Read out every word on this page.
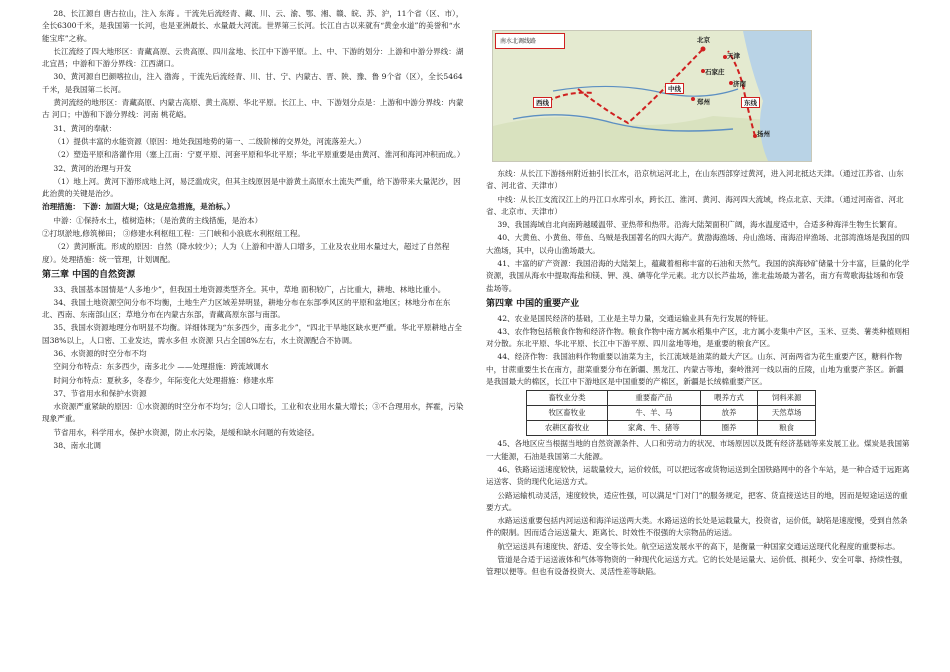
28、长江源自 唐古拉山，注入 东海 。干流先后流经青、藏、川、云、渝、鄂、湘、赣、皖、苏、沪，11个省（区、市），全长6300千米，是我国第一长河，也是亚洲最长、水量最大河流。世界第三长河。长江自古以来就有“黄金水道”的美誉和“水能宝库”之称。

长江流经了四大地形区：青藏高原、云贵高原、四川盆地、长江中下游平原。上、中、下游的划分：上游和中游分界线：湖北宜昌；中游和下游分界线：江西湖口。

30、黄河源自巴颜喀拉山，注入 渤海 ，干流先后流经青、川、甘、宁、内蒙古、晋、陕、豫、鲁 9个省（区），全长5464千米，是我国第二长河。

黄河流经的地形区：青藏高原、内蒙古高原、黄土高原、华北平原。长江上、中、下游划分点是：上游和中游分界线：内蒙古 河口；中游和下游分界线：河南 桃花峪。

31、黄河的奉献：

（1）提供丰富的水能资源（原因：地处我国地势的第一、二级阶梯的交界处，河流落差大。）

（2）塑造平原和洛灌作用（塞上江南：宁夏平原、河套平原和华北平原；华北平原重要是由黄河、淮河和海河冲积而成。）

32、黄河的治理与开发

（1）地上河。黄河下游形成地上河，易泛滥成灾，但其主线原因是中游黄土高原水土流失严重，给下游带来大量泥沙，因此治黄的关键是治沙。

治理措施： 下游：加固大堤；（这是应急措施，是治标。）

中游：①保持水土，植树造林；（是治黄的主线措施，是治本）

②打坝淤地,修筑梯田； ③修建水利枢纽工程：三门峡和小浪底水利枢纽工程。

（2）黄河断流。形成的原因：自然（降水较少）；人为（上游和中游人口增多，工业及农业用水量过大，超过了自然程度）。处理措施：统一管理，计划调配。

第三章 中国的自然资源

33、我国基本国情是“人多地少”，但我国土地资源类型齐全。其中，草地 面积较广，占比重大，耕地、林地比重小。

34、我国土地资源空间分布不均衡，土地生产力区域差异明显，耕地分布在东部季风区的平原和盆地区；林地分布在东北、西南、东南部山区；草地分布在内蒙古东部，青藏高原东部与南部。

35、我国水资源地理分布明显不均衡。详细体现为“东多西少，南多北少”，“四北干旱地区缺水更严重。华北平原耕地占全国38%以上，人口密、工业发达，需水多但 水资源 只占全国8%左右，水土资源配合不协调。

36、水资源的时空分布不均

空间分布特点：东多西少，南多北少 ——处理措施：跨流域调水

时间分布特点：夏秋多，冬春少，年际变化大处理措施：修建水库

37、节省用水和保护水资源

水资源严重紧缺的原因：①水资源的时空分布不均匀；②人口增长，工业和农业用水量大增长；③不合理用水，挥霍，污染现象严重。

节省用水，科学用水，保护水资源，防止水污染，是缓和缺水问题的有效途径。

38、南水北调

北京
天津
石家庄
济南
中线
东线
郑州
西线
扬州
南水北调线路

东线：从长江下游扬州附近抽引长江水，沿京杭运河北上，在山东西部穿过黄河，进入河北抵达天津。（通过江苏省、山东省、河北省、天津市）

中线：从长江支流汉江上的丹江口水库引水，跨长江、淮河、黄河、海河四大流域，终点北京、天津。（通过河南省、河北省、北京市、天津市）

39、我国海域自北向南跨越暖温带、亚热带和热带。沿海大陆架面积广阔，海水温度适中，合适多种海洋生物生长繁育。

40、大黄鱼、小黄鱼、带鱼、乌贼是我国著名的四大海产。黄渤海渔场、舟山渔场、南海沿岸渔场、北部湾渔场是我国的四大渔场，其中，以舟山渔场最大。

41、丰富的矿产资源：我国沿海的大陆架上，蕴藏着相称丰富的石油和天然气。我国的滨海砂矿储量十分丰富，巨量的化学资源，我国从海水中提取海盐和镁、钾、溴、碘等化学元素。北方以长芦盐场，淮北盐场最为著名，南方有莺歌海盐场和布袋盐场等。

第四章 中国的重要产业

42、农业是国民经济的基础，工业是主导力量，交通运输业具有先行发展的特征。

43、农作物包括粮食作物和经济作物。粮食作物中南方属水稻集中产区，北方属小麦集中产区，玉米、豆类、薯类种植则相对分散。东北平原、华北平原、长江中下游平原、四川盆地等地，是重要的粮食产区。

44、经济作物：我国油料作物重要以油菜为主，长江流域是油菜的最大产区。山东、河南两省为花生重要产区，糖料作物中，甘蔗重要生长在南方，甜菜重要分布在新疆、黑龙江、内蒙古等地，秦岭淮河一线以南的丘陵，山地为重要产茶区。新疆是我国最大的棉区，长江中下游地区是中国重要的产棉区，新疆是长绒棉重要产区。

畜牧业分类	重要畜产品	喂养方式	饲料来源
牧区畜牧业	牛、羊、马	放养	天然草场
农耕区畜牧业	家禽、牛、猪等	圈养	粮食

45、各地区应当根据当地的自然资源条件、人口和劳动力的状况、市场原因以及既有经济基础等来发展工业。煤炭是我国第一大能源，石油是我国第二大能源。

46、铁路运送速度较快，运载量较大，运价较低，可以把远客或货物运送到全国铁路网中的各个车站，是一种合适于远距离运送客、货的现代化运送方式。

公路运输机动灵活，速度较快，适应性强，可以满足“门对门”的服务规定，把客、货直接送达目的地，因而是短途运送的重要方式。

水路运送重要包括内河运送和海洋运送两大类。水路运送的长处是运载量大，投资省，运价低，缺陷是速度慢，受到自然条件的限制。因而适合运送量大、距离长、时效性不很强的大宗物品的运送。

航空运送具有速度快、舒适、安全等长处。航空运送发展水平的高下，是衡量一种国家交通运送现代化程度的重要标志。

管道是合适于运送液体和气体等物资的一种现代化运送方式。它的长处是运量大、运价低、损耗少、安全可靠、持续性强，管理以便等。但也有设备投资大、灵活性差等缺陷。
